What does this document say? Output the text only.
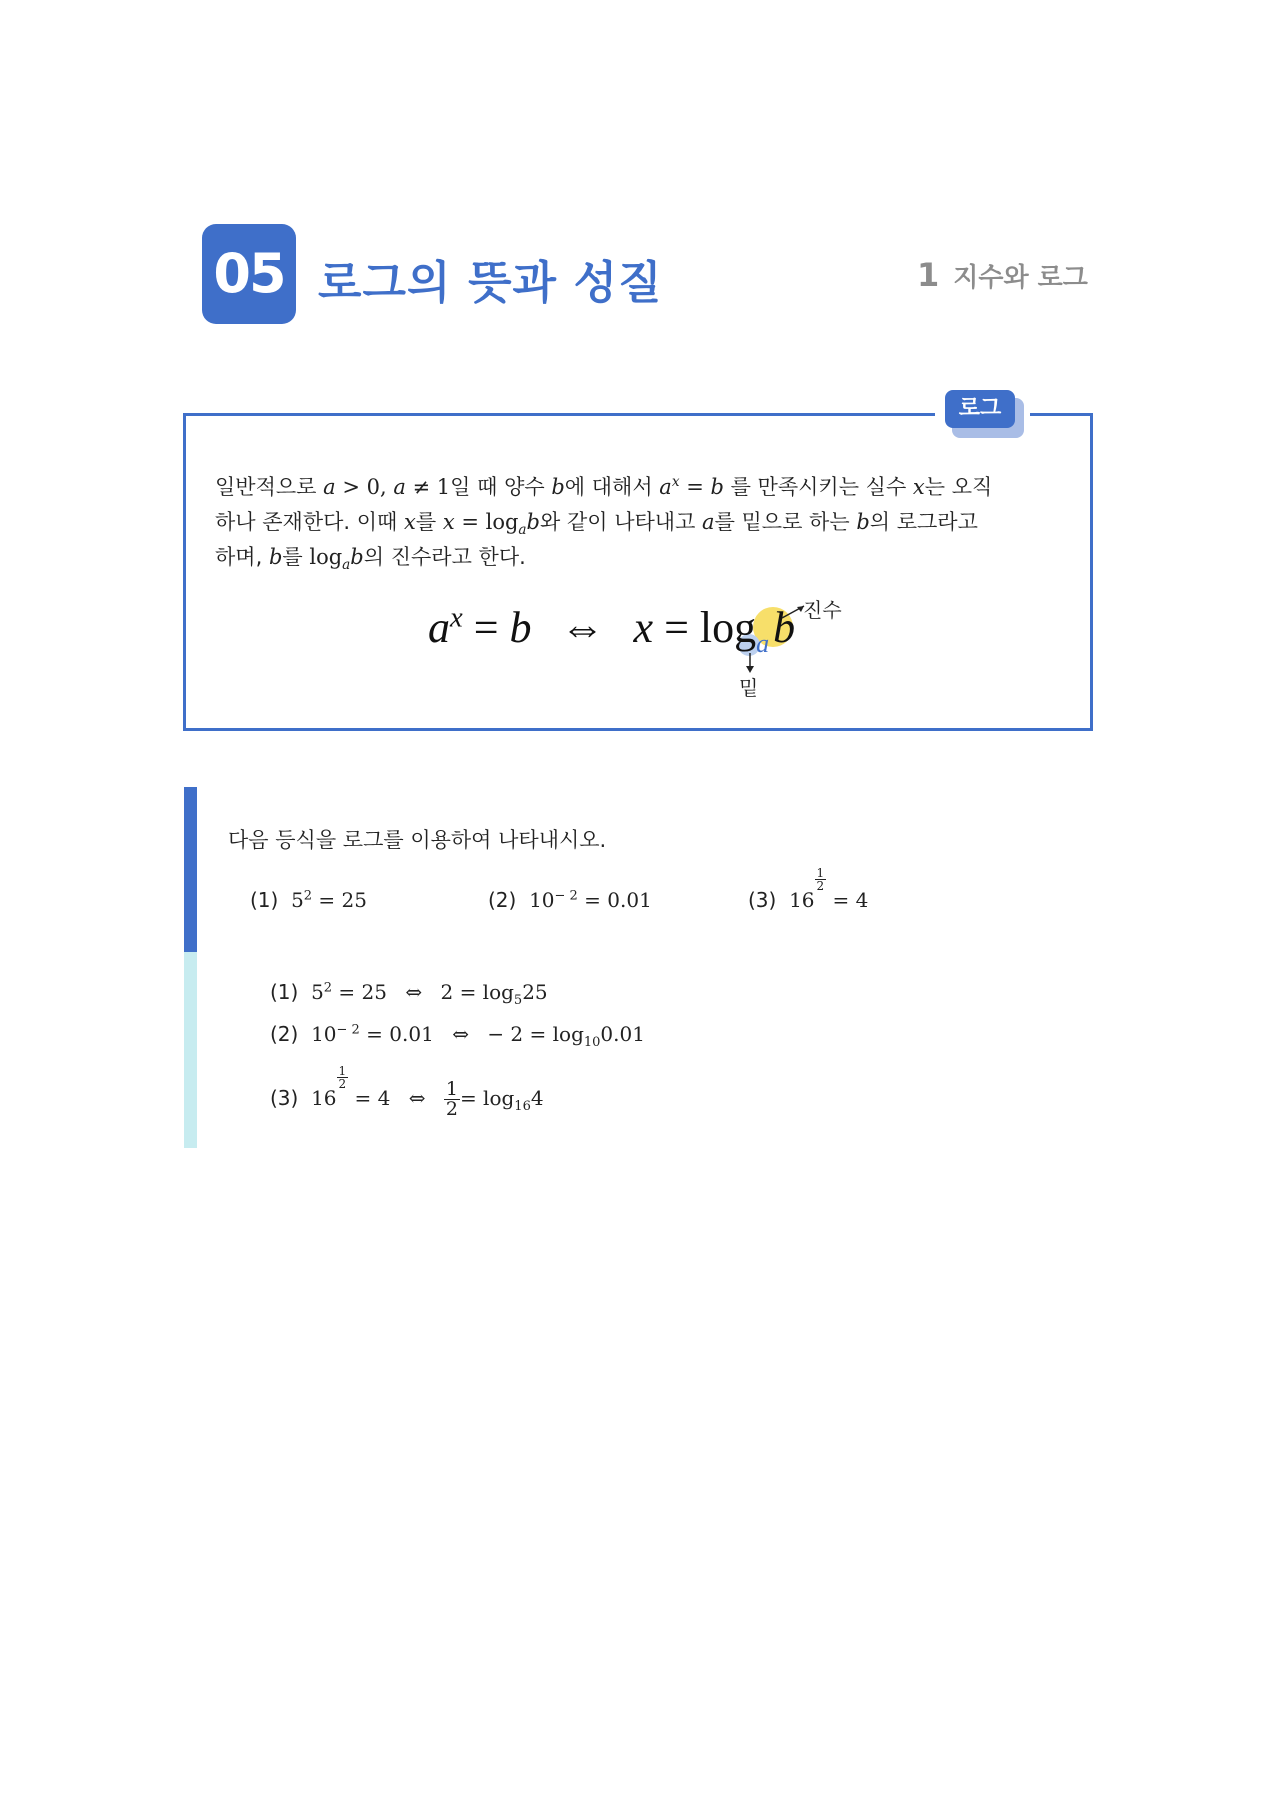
05 로그의 뜻과 성질	1 지수와 로그
로그
일반적으로 a > 0, a ≠ 1일 때 양수 b에 대해서 $a^x = b$ 를 만족시키는 실수 x는 오직
하나 존재한다. 이때 x를 $x = \log_ab$와 같이 나타내고 a를 밑으로 하는 b의 로그라고
하며, b를 $\log_ab$의 진수라고 한다.
$a^x = b$ ⇔ $x = \log_ab$ 진수
밑
다음 등식을 로그를 이용하여 나타내시오.
(1) $5^2 = 25$	(2) $10^{- 2} = 0.01$	(3) 16
$\frac{1}{2}$
= 4
(1) $5^2 = 25$ ⇔ $2 = \log_525$
(2) $10^{- 2} = 0.01$ ⇔ − $2 = \log_{10}0.01$
(3) 16
$\frac{1}{2}$
= 4 ⇔ $\frac{1}{2} = \log_{16}4$
